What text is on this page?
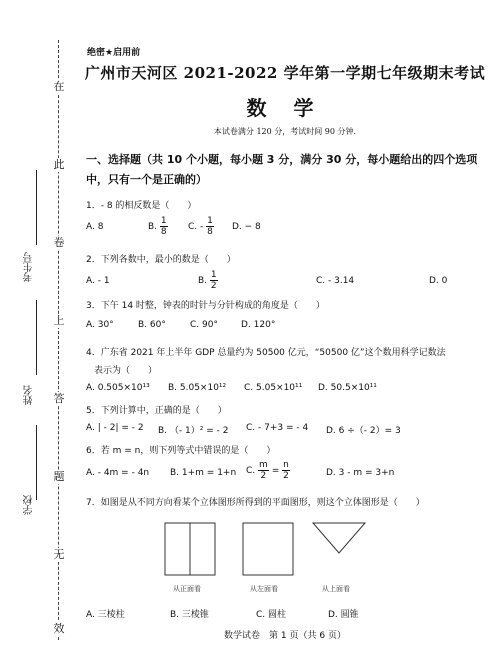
在
此
卷
上
答
题
无
效
考生号
姓名
学校
绝密★启用前
广州市天河区 2021-2022 学年第一学期七年级期末考试
数 学
本试卷满分 120 分，考试时间 90 分钟.
一、选择题（共 10 个小题，每小题 3 分，满分 30 分，每小题给出的四个选项中，只有一个是正确的）
1．- 8 的相反数是（　　）
A. 8	B. $\frac{1}{8} C$. - $\frac{1}{8} D$. − 8
2．下列各数中，最小的数是（　　）
A. - 1	B. $\frac{1}{2}$	C. - 3.14	D. 0
3．下午 14 时整，钟表的时针与分针构成的角度是（　　）
A. 30°	B. 60°	C. 90°	D. 120°
4．广东省 2021 年上半年 GDP 总量约为 50500 亿元，“50500 亿”这个数用科学记数法
表示为（　　）
A. 0.505×10¹³ B. 5.05×10¹² C. 5.05×10¹¹ D. 50.5×10¹¹
5．下列计算中，正确的是（　　）
A. | - 2| = - 2 B. （- 1）² = - 2 C. - 7+3 = - 4 D. 6 ÷（- 2）= 3
6．若 m = n，则下列等式中错误的是（　　）
A. - 4m = - 4n B. 1+m = 1+n C. $\frac{m}{2} = \frac{n}{2}$	D. 3 - m = 3+n
7．如图是从不同方向看某个立体图形所得到的平面图形，则这个立体图形是（　　）
从正面看	从左面看	从上面看
A. 三棱柱	B. 三棱锥	C. 圆柱	D. 圆锥
数学试卷　第 1 页（共 6 页）
